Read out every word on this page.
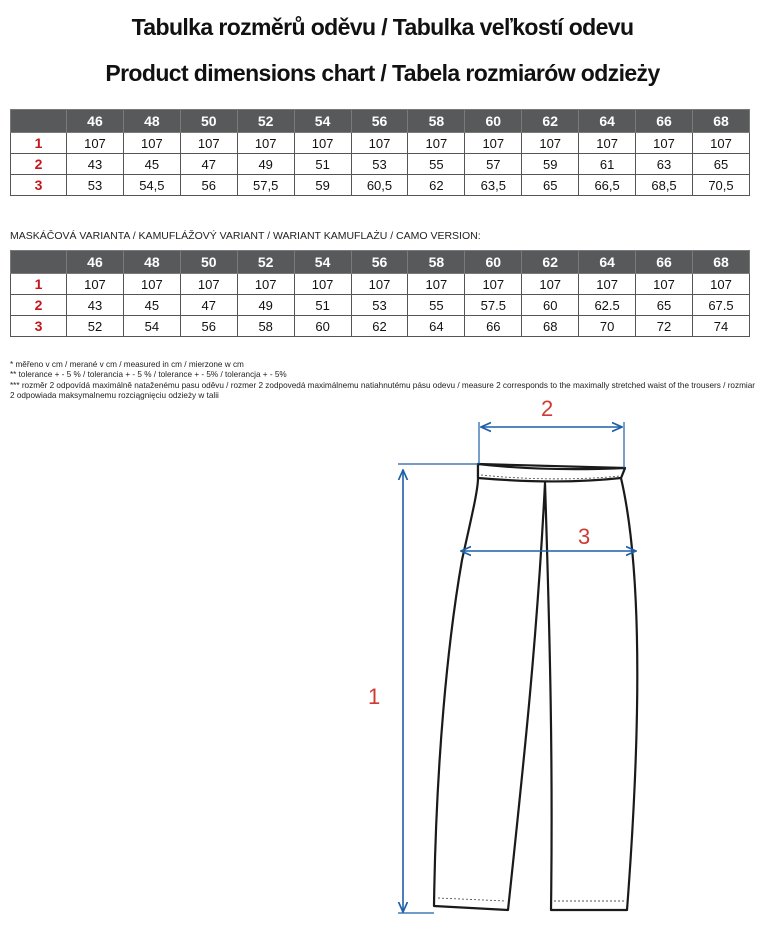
Tabulka rozměrů oděvu / Tabulka veľkostí odevu
Product dimensions chart / Tabela rozmiarów odzieży
	46	48	50	52	54	56	58	60	62	64	66	68
1	107	107	107	107	107	107	107	107	107	107	107	107
2	43	45	47	49	51	53	55	57	59	61	63	65
3	53	54,5	56	57,5	59	60,5	62	63,5	65	66,5	68,5	70,5
MASKÁČOVÁ VARIANTA / KAMUFLÁŽOVÝ VARIANT / WARIANT KAMUFLAŻU / CAMO VERSION:
	46	48	50	52	54	56	58	60	62	64	66	68
1	107	107	107	107	107	107	107	107	107	107	107	107
2	43	45	47	49	51	53	55	57.5	60	62.5	65	67.5
3	52	54	56	58	60	62	64	66	68	70	72	74
* měřeno v cm / merané v cm / measured in cm / mierzone w cm
** tolerance + - 5 % / tolerancia + - 5 % / tolerance + - 5% / tolerancja + - 5%
*** rozměr 2 odpovídá maximálně nataženému pasu oděvu / rozmer 2 zodpovedá maximálnemu natiahnutému pásu odevu / measure 2 corresponds to the maximally stretched waist of the trousers / rozmiar 2 odpowiada maksymalnemu rozciągnięciu odzieży w talii
1
2
3
